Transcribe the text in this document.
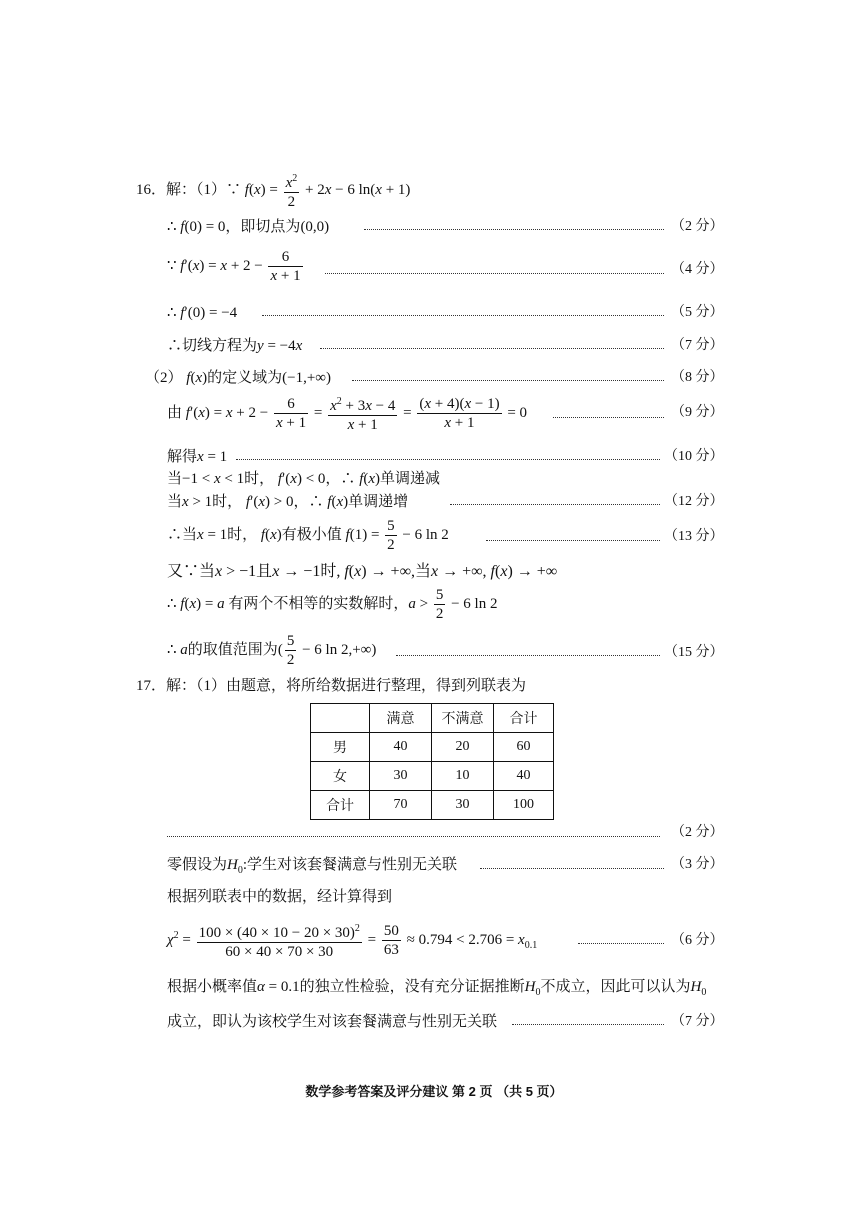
16．解：（1）∵ $f(x) = \frac{x^2}{2} + 2x - 6$ ln(x + 1)
∴ f(0) = 0，即切点为(0,0)	（2 分）
∵ $f'(x) = x + 2 - \frac{6}{x + 1}$	（4 分）
∴ f′(0) = −4	（5 分）
∴切线方程为y = −4x	（7 分）
（2） f(x)的定义域为(−1,+∞)	（8 分）
由 $f'(x) = x + 2 - \frac{6}{x + 1} = \frac{x^2 + 3x - 4}{x + 1} = \frac{(x + 4)(x - 1)}{x + 1} = 0$	（9 分）
解得x = 1	（10 分）
当−1 < x < 1时， f′(x) < 0，∴ f(x)单调递减
当x > 1时， f′(x) > 0，∴ f(x)单调递增	（12 分）
∴当x = 1时， f(x)有极小值 $f(1) = \frac{5}{2} - 6$ ln 2	（13 分）
又∵当x > −1且x → −1时, f(x) → +∞,当x → +∞, f(x) → +∞
∴ f(x) = a 有两个不相等的实数解时，$a > \frac{5}{2} - 6$ ln 2
∴ a的取值范围为( $\frac{5}{2} - 6$ ln 2,+∞)	（15 分）
17．解：（1）由题意，将所给数据进行整理，得到列联表为
	满意	不满意	合计
男	40	20	60
女	30	10	40
合计	70	30	100
（2 分）
零假设为$H_0$:学生对该套餐满意与性别无关联	（3 分）
根据列联表中的数据，经计算得到
$\chi^2 = \frac{100 \times (40 \times 10 - 20 \times 30)^2}{60 \times 40 \times 70 \times 30} = \frac{50}{63} \approx 0.794 < 2.706 = x_{0.1}$	（6 分）
根据小概率值α = 0.1的独立性检验，没有充分证据推断$H_0$不成立，因此可以认为$H_0$
成立，即认为该校学生对该套餐满意与性别无关联	（7 分）
数学参考答案及评分建议 第 2 页 （共 5 页）
